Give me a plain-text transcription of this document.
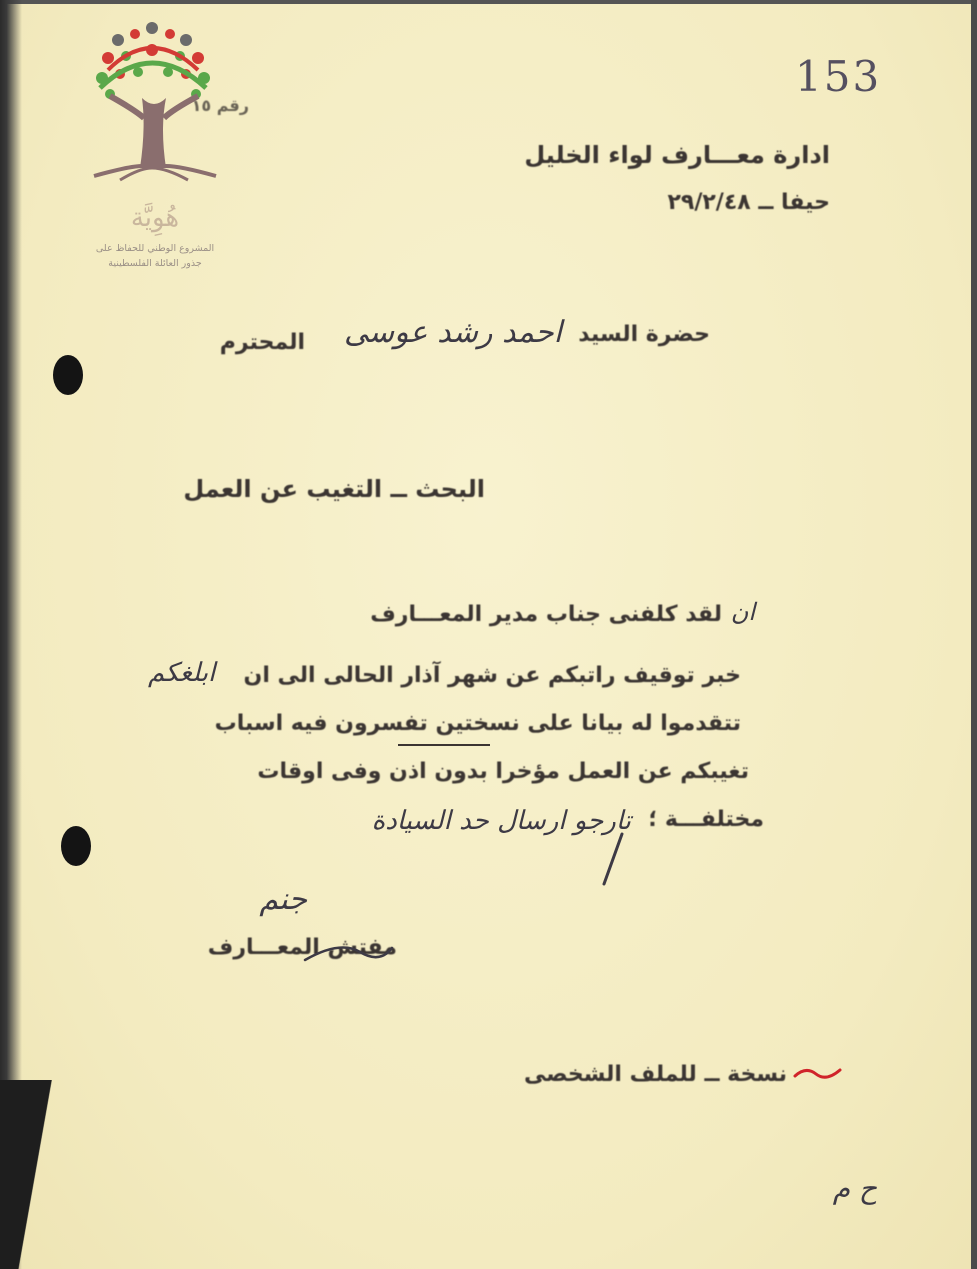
هُوِيَّة
المشروع الوطني للحفاظ على
جذور العائلة الفلسطينية
رقم ١٥
153
ادارة معـــارف لواء الخليل
حيفا ــ ٢٩/٢/٤٨
حضرة السيد
احمد رشد عوسى
المحترم
البحث ــ التغيب عن العمل
لقد كلفنى جناب مدير المعـــارف ان
خبر توقيف راتبكم عن شهر آذار الحالى الى ان
ابلغكم
تتقدموا له بيانا على نسختين تفسرون فيه اسباب
تغيبكم عن العمل مؤخرا بدون اذن وفى اوقات
مختلفـــة ؛
تارجو ارسال حد السيادة
جنم
مفتش المعـــارف
نسخة ــ للملف الشخصى
ح م
